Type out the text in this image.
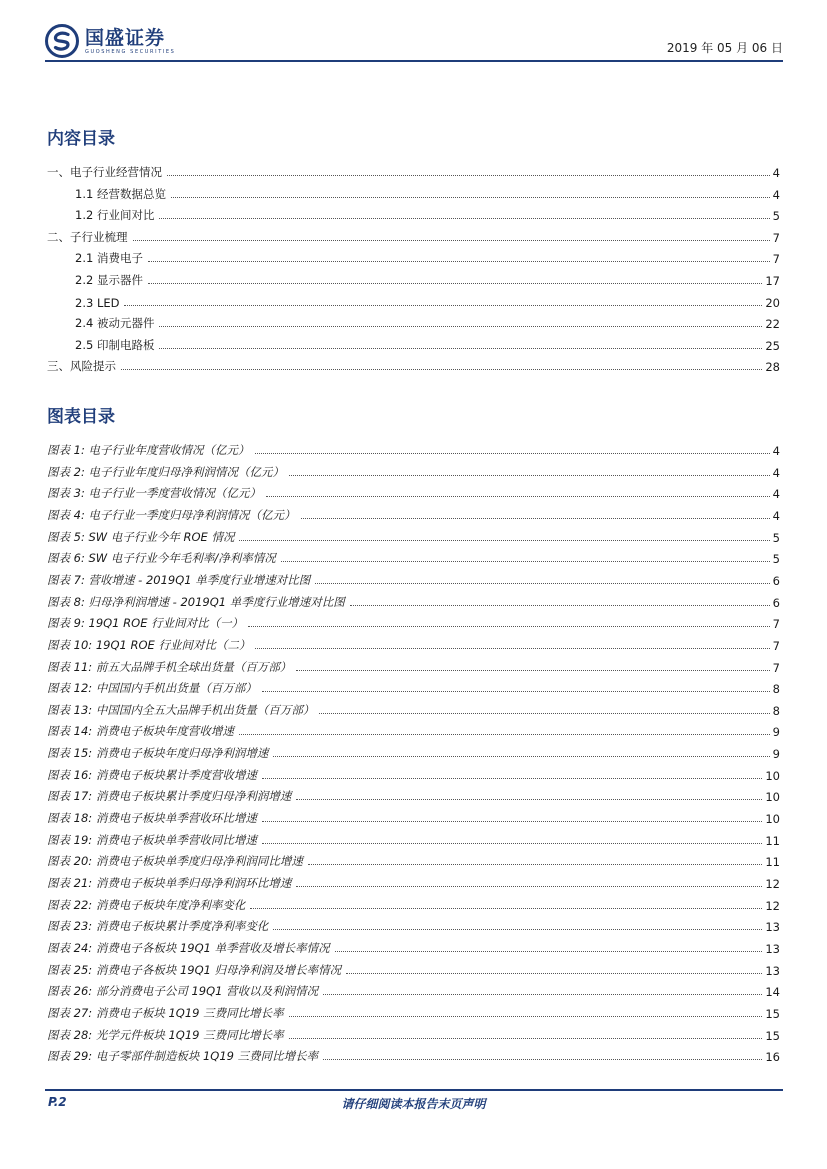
国盛证券
GUOSHENG SECURITIES	2019 年 05 月 06 日
内容目录
一、电子行业经营情况	4
1.1 经营数据总览	4
1.2 行业间对比	5
二、子行业梳理	7
2.1 消费电子	7
2.2 显示器件	17
2.3 LED	20
2.4 被动元器件	22
2.5 印制电路板	25
三、风险提示	28
图表目录
图表 1: 电子行业年度营收情况（亿元）	4
图表 2: 电子行业年度归母净利润情况（亿元）	4
图表 3: 电子行业一季度营收情况（亿元）	4
图表 4: 电子行业一季度归母净利润情况（亿元）	4
图表 5: SW 电子行业今年 ROE 情况	5
图表 6: SW 电子行业今年毛利率/净利率情况	5
图表 7: 营收增速 - 2019Q1 单季度行业增速对比图	6
图表 8: 归母净利润增速 - 2019Q1 单季度行业增速对比图	6
图表 9: 19Q1 ROE 行业间对比（一）	7
图表 10: 19Q1 ROE 行业间对比（二）	7
图表 11: 前五大品牌手机全球出货量（百万部）	7
图表 12: 中国国内手机出货量（百万部）	8
图表 13: 中国国内全五大品牌手机出货量（百万部）	8
图表 14: 消费电子板块年度营收增速	9
图表 15: 消费电子板块年度归母净利润增速	9
图表 16: 消费电子板块累计季度营收增速	10
图表 17: 消费电子板块累计季度归母净利润增速	10
图表 18: 消费电子板块单季营收环比增速	10
图表 19: 消费电子板块单季营收同比增速	11
图表 20: 消费电子板块单季度归母净利润同比增速	11
图表 21: 消费电子板块单季归母净利润环比增速	12
图表 22: 消费电子板块年度净利率变化	12
图表 23: 消费电子板块累计季度净利率变化	13
图表 24: 消费电子各板块 19Q1 单季营收及增长率情况	13
图表 25: 消费电子各板块 19Q1 归母净利润及增长率情况	13
图表 26: 部分消费电子公司 19Q1 营收以及利润情况	14
图表 27: 消费电子板块 1Q19 三费同比增长率	15
图表 28: 光学元件板块 1Q19 三费同比增长率	15
图表 29: 电子零部件制造板块 1Q19 三费同比增长率	16
P.2	请仔细阅读本报告末页声明
